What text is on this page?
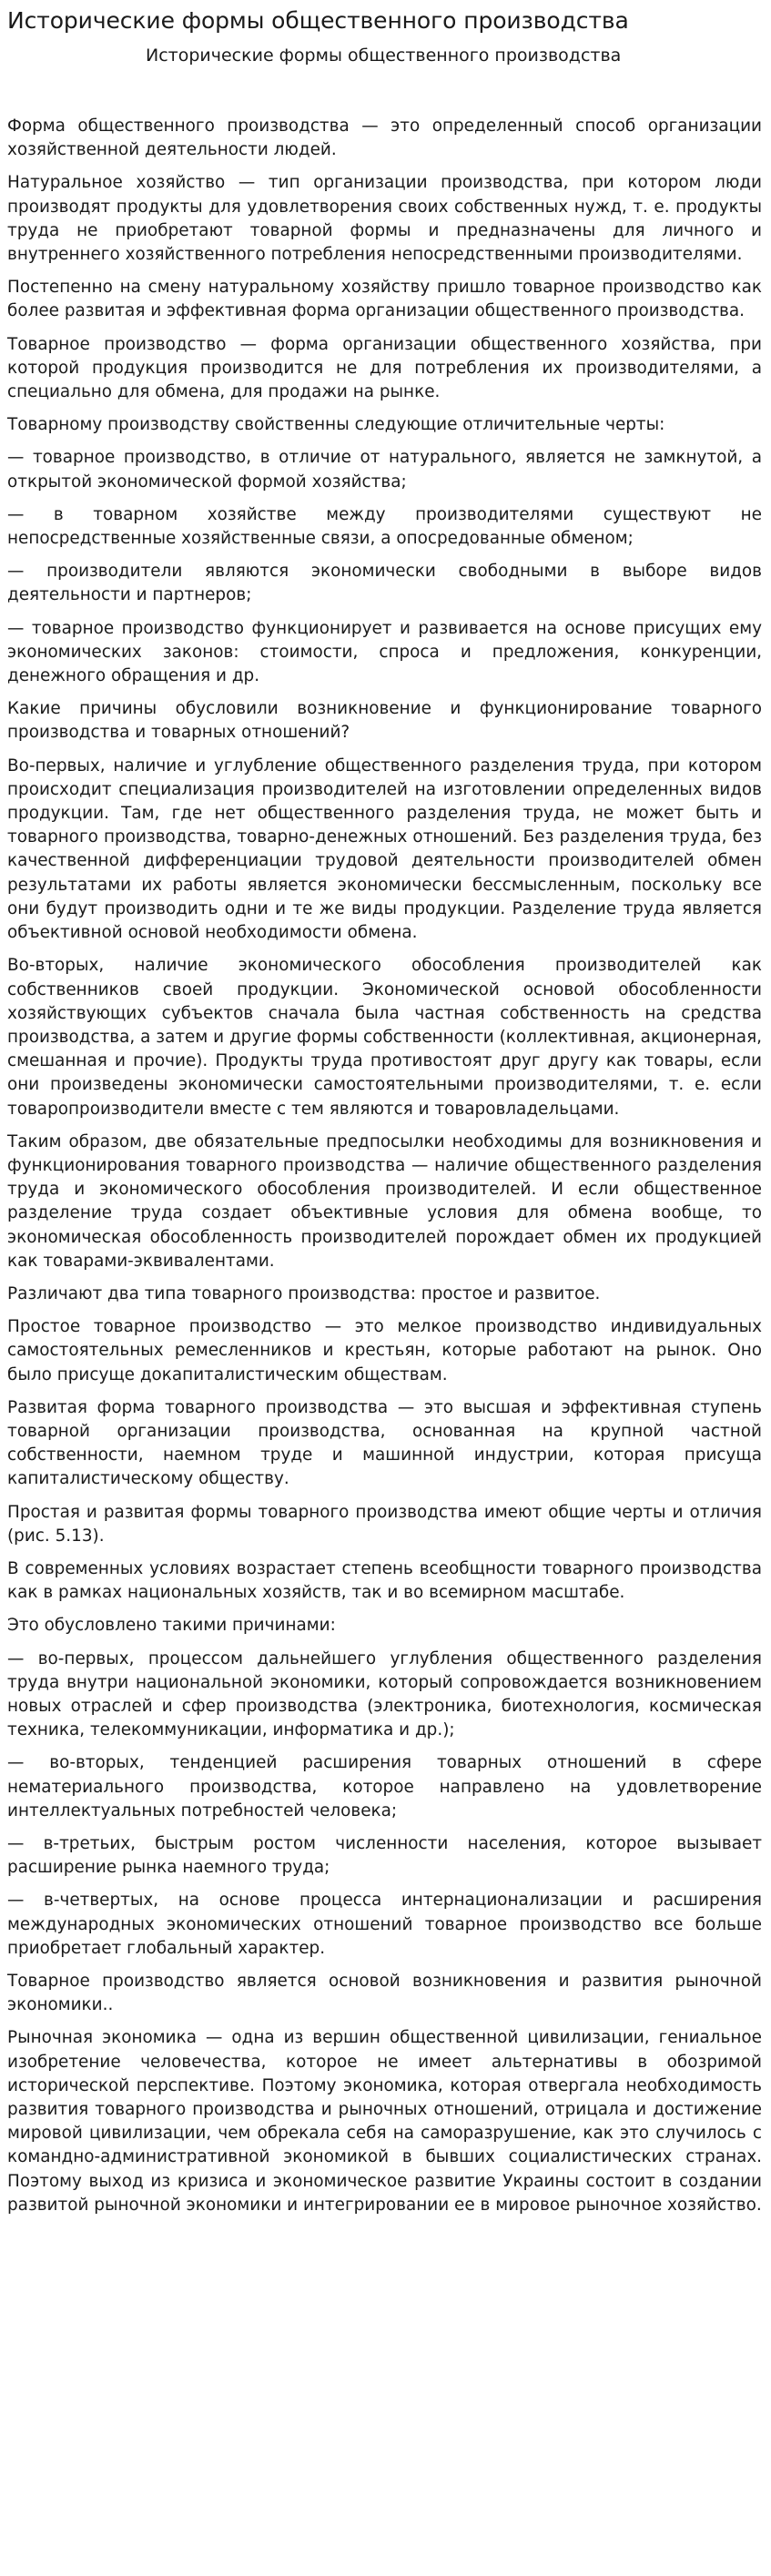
Исторические формы общественного производства
Исторические формы общественного производства

Форма общественного производства — это определенный способ организации хозяйственной деятельности людей.

Натуральное хозяйство — тип организации производства, при котором люди производят продукты для удовлетворения своих собственных нужд, т. е. продукты труда не приобретают товарной формы и предназначены для личного и внутреннего хозяйственного потребления непосредственными производителями.

Постепенно на смену натуральному хозяйству пришло товарное производство как более развитая и эффективная форма организации общественного производства.

Товарное производство — форма организации общественного хозяйства, при которой продукция производится не для потребления их производителями, а специально для обмена, для продажи на рынке.

Товарному производству свойственны следующие отличительные черты:

— товарное производство, в отличие от натурального, является не замкнутой, а открытой экономической формой хозяйства;

— в товарном хозяйстве между производителями существуют не непосредственные хозяйственные связи, а опосредованные обменом;

— производители являются экономически свободными в выборе видов деятельности и партнеров;

— товарное производство функционирует и развивается на основе присущих ему экономических законов: стоимости, спроса и предложения, конкуренции, денежного обращения и др.

Какие причины обусловили возникновение и функционирование товарного производства и товарных отношений?

Во-первых, наличие и углубление общественного разделения труда, при котором происходит специализация производителей на изготовлении определенных видов продукции. Там, где нет общественного разделения труда, не может быть и товарного производства, товарно-денежных отношений. Без разделения труда, без качественной дифференциации трудовой деятельности производителей обмен результатами их работы является экономически бессмысленным, поскольку все они будут производить одни и те же виды продукции. Разделение труда является объективной основой необходимости обмена.

Во-вторых, наличие экономического обособления производителей как собственников своей продукции. Экономической основой обособленности хозяйствующих субъектов сначала была частная собственность на средства производства, а затем и другие формы собственности (коллективная, акционерная, смешанная и прочие). Продукты труда противостоят друг другу как товары, если они произведены экономически самостоятельными производителями, т. е. если товаропроизводители вместе с тем являются и товаровладельцами.

Таким образом, две обязательные предпосылки необходимы для возникновения и функционирования товарного производства — наличие общественного разделения труда и экономического обособления производителей. И если общественное разделение труда создает объективные условия для обмена вообще, то экономическая обособленность производителей порождает обмен их продукцией как товарами-эквивалентами.

Различают два типа товарного производства: простое и развитое.

Простое товарное производство — это мелкое производство индивидуальных самостоятельных ремесленников и крестьян, которые работают на рынок. Оно было присуще докапиталистическим обществам.

Развитая форма товарного производства — это высшая и эффективная ступень товарной организации производства, основанная на крупной частной собственности, наемном труде и машинной индустрии, которая присуща капиталистическому обществу.

Простая и развитая формы товарного производства имеют общие черты и отличия (рис. 5.13).

В современных условиях возрастает степень всеобщности товарного производства как в рамках национальных хозяйств, так и во всемирном масштабе.

Это обусловлено такими причинами:

— во-первых, процессом дальнейшего углубления общественного разделения труда внутри национальной экономики, который сопровождается возникновением новых отраслей и сфер производства (электроника, биотехнология, космическая техника, телекоммуникации, информатика и др.);

— во-вторых, тенденцией расширения товарных отношений в сфере нематериального производства, которое направлено на удовлетворение интеллектуальных потребностей человека;

— в-третьих, быстрым ростом численности населения, которое вызывает расширение рынка наемного труда;

— в-четвертых, на основе процесса интернационализации и расширения международных экономических отношений товарное производство все больше приобретает глобальный характер.

Товарное производство является основой возникновения и развития рыночной экономики..

Рыночная экономика — одна из вершин общественной цивилизации, гениальное изобретение человечества, которое не имеет альтернативы в обозримой исторической перспективе. Поэтому экономика, которая отвергала необходимость развития товарного производства и рыночных отношений, отрицала и достижение мировой цивилизации, чем обрекала себя на саморазрушение, как это случилось с командно-административной экономикой в бывших социалистических странах. Поэтому выход из кризиса и экономическое развитие Украины состоит в создании развитой рыночной экономики и интегрировании ее в мировое рыночное хозяйство.
